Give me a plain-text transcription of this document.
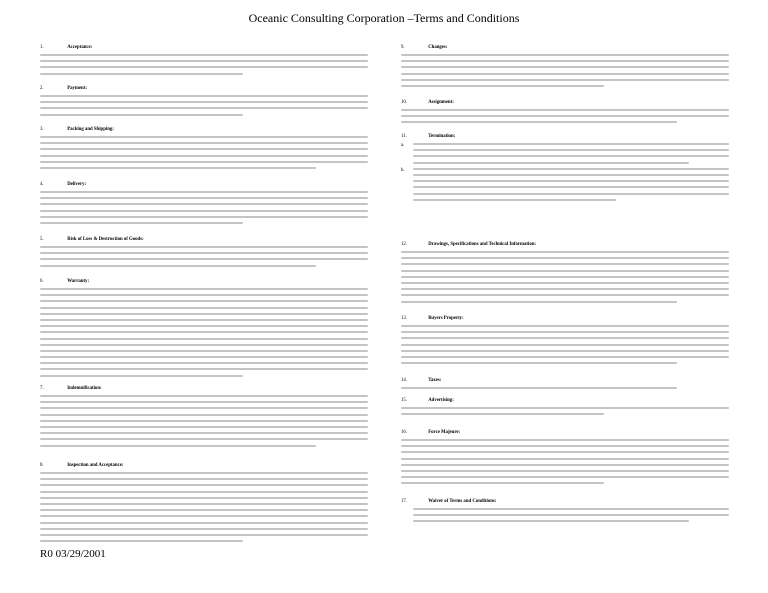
Oceanic Consulting Corporation –Terms and Conditions
1.	Acceptance:
2.	Payment:
3.	Packing and Shipping:
4.	Delivery:
5.	Risk of Loss & Destruction of Goods:
6.	Warranty:
7.	Indemnification:
8.	Inspection and Acceptance:
9.	Changes:
10.	Assignment:
11.	Termination:
a.
b.
12.	Drawings, Specifications and Technical Information:
13.	Buyers Property:
14.	Taxes:
15.	Advertising:
16.	Force Majeure:
17.	Waiver of Terms and Conditions:
R0 03/29/2001
